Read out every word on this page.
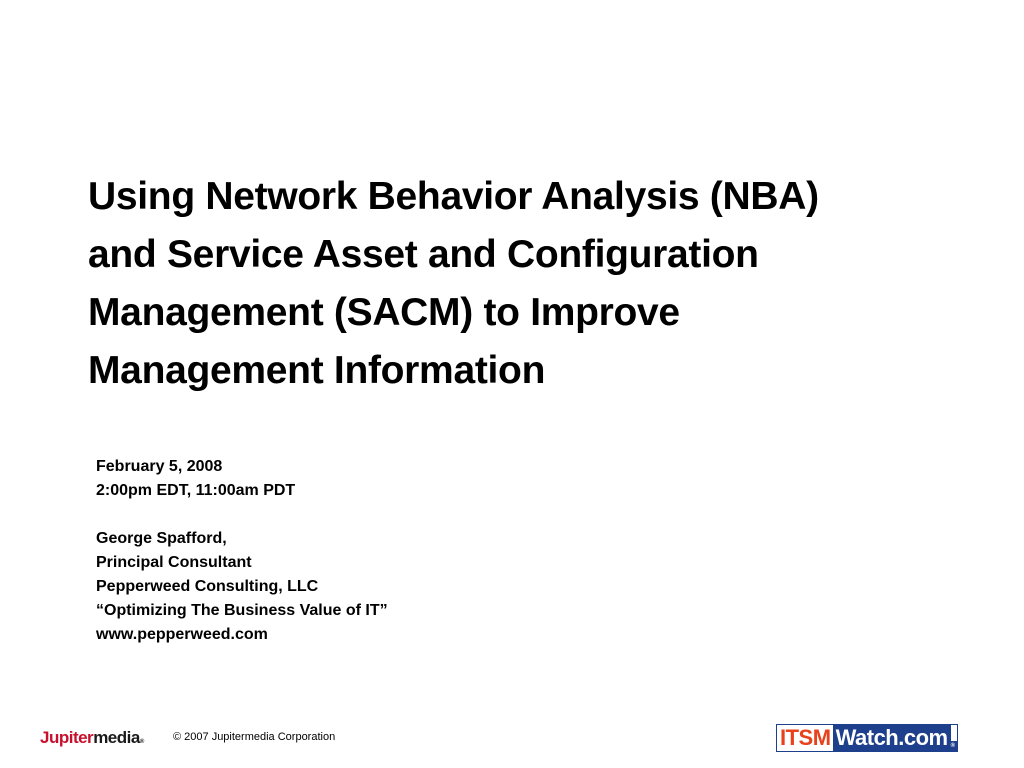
Using Network Behavior Analysis (NBA)
and Service Asset and Configuration
Management (SACM) to Improve
Management Information
February 5, 2008
2:00pm EDT, 11:00am PDT
George Spafford,
Principal Consultant
Pepperweed Consulting, LLC
“Optimizing The Business Value of IT”
www.pepperweed.com
Jupitermedia®	© 2007 Jupitermedia Corporation	ITSM Watch.com ®
